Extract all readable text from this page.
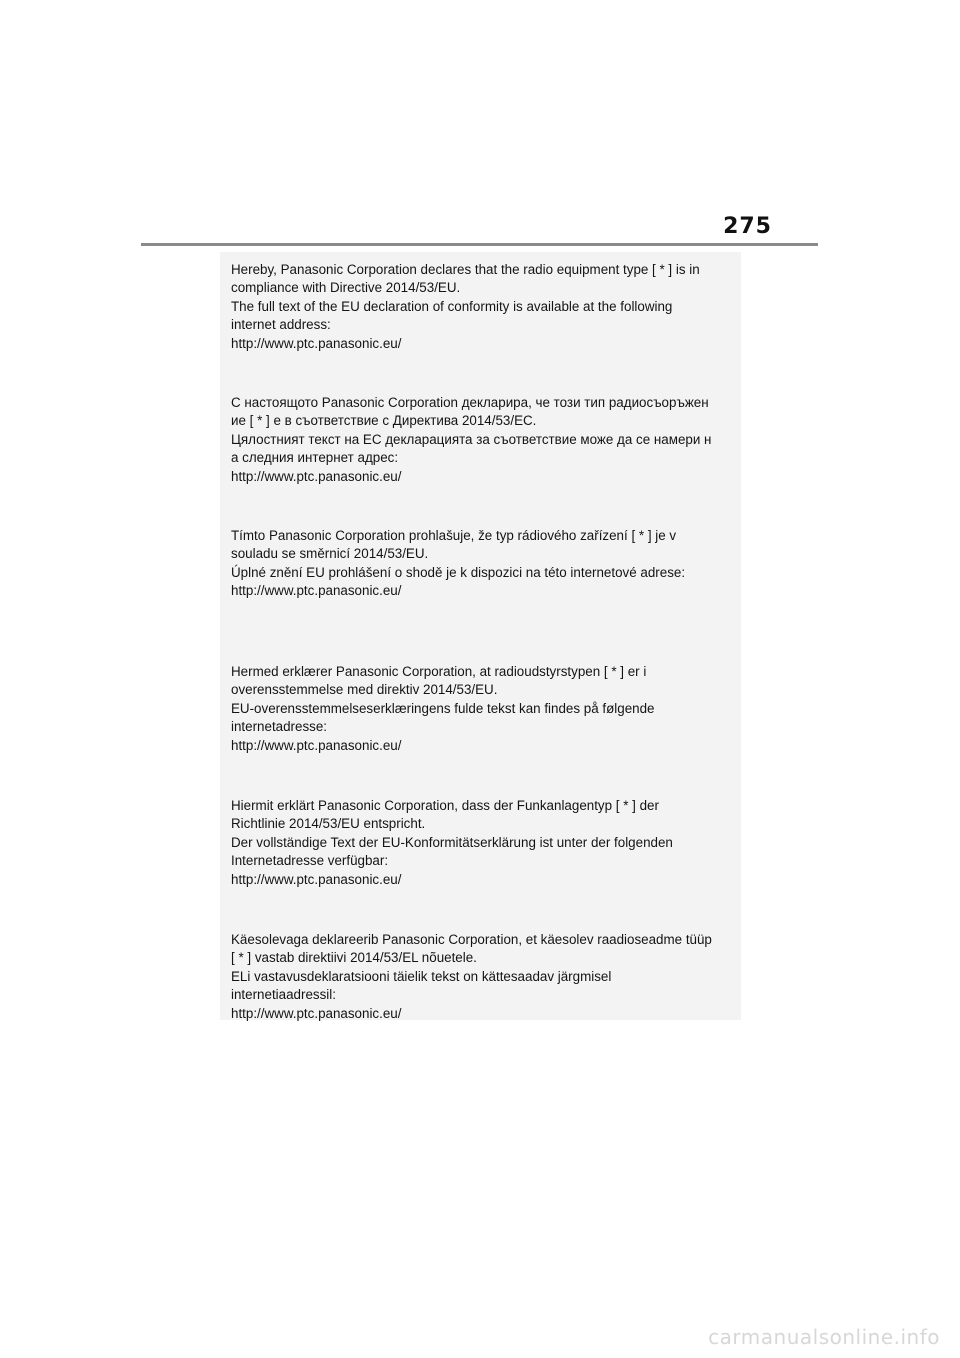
275

Hereby, Panasonic Corporation declares that the radio equipment type [ * ] is in

compliance with Directive 2014/53/EU.

The full text of the EU declaration of conformity is available at the following

internet address:

http://www.ptc.panasonic.eu/

С настоящото Panasonic Corporation декларира, че този тип радиосъоръжен

ие [ * ] е в съответствие с Директива 2014/53/ЕС.

Цялостният текст на ЕС декларацията за съответствие може да се намери н

а следния интернет адрес:

http://www.ptc.panasonic.eu/

Tímto Panasonic Corporation prohlašuje, že typ rádiového zařízení [ * ] je v

souladu se směrnicí 2014/53/EU.

Úplné znění EU prohlášení o shodě je k dispozici na této internetové adrese:

http://www.ptc.panasonic.eu/

Hermed erklærer Panasonic Corporation, at radioudstyrstypen [ * ] er i

overensstemmelse med direktiv 2014/53/EU.

EU-overensstemmelseserklæringens fulde tekst kan findes på følgende

internetadresse:

http://www.ptc.panasonic.eu/

Hiermit erklärt Panasonic Corporation, dass der Funkanlagentyp [ * ] der

Richtlinie 2014/53/EU entspricht.

Der vollständige Text der EU-Konformitätserklärung ist unter der folgenden

Internetadresse verfügbar:

http://www.ptc.panasonic.eu/

Käesolevaga deklareerib Panasonic Corporation, et käesolev raadioseadme tüüp

[ * ] vastab direktiivi 2014/53/EL nõuetele.

ELi vastavusdeklaratsiooni täielik tekst on kättesaadav järgmisel

internetiaadressil:

http://www.ptc.panasonic.eu/

carmanualsonline.info
